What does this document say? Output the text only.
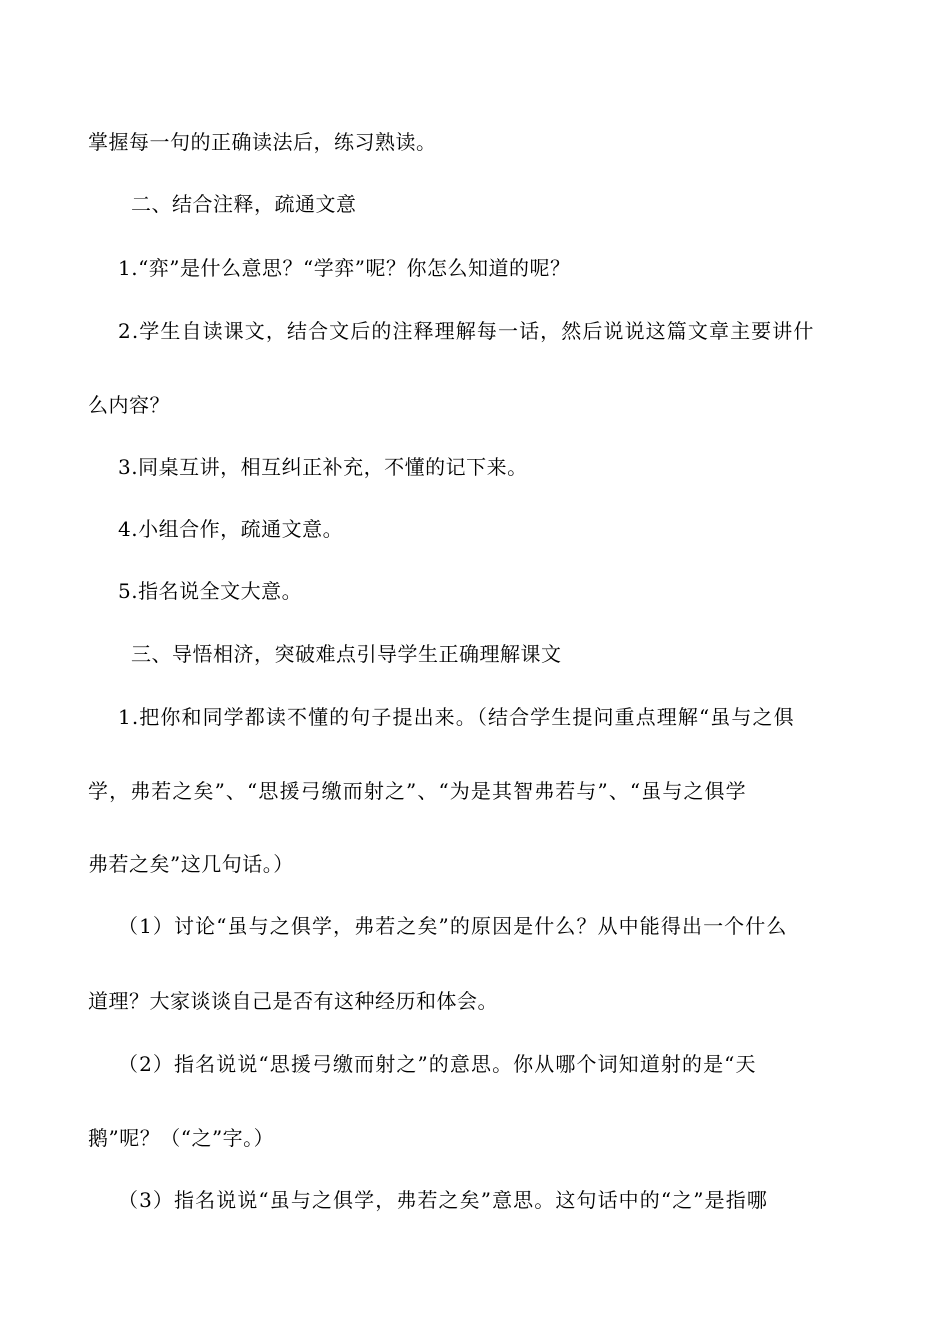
掌握每一句的正确读法后，练习熟读。
二、结合注释，疏通文意
1.“弈”是什么意思？“学弈”呢？你怎么知道的呢？
2.学生自读课文，结合文后的注释理解每一话，然后说说这篇文章主要讲什
么内容？
3.同桌互讲，相互纠正补充，不懂的记下来。
4.小组合作，疏通文意。
5.指名说全文大意。
三、导悟相济，突破难点引导学生正确理解课文
1.把你和同学都读不懂的句子提出来。（结合学生提问重点理解“虽与之俱
学，弗若之矣”、“思援弓缴而射之”、“为是其智弗若与”、“虽与之俱学
弗若之矣”这几句话。）
（1）讨论“虽与之俱学，弗若之矣”的原因是什么？从中能得出一个什么
道理？大家谈谈自己是否有这种经历和体会。
（2）指名说说“思援弓缴而射之”的意思。你从哪个词知道射的是“天
鹅”呢？（“之”字。）
（3）指名说说“虽与之俱学，弗若之矣”意思。这句话中的“之”是指哪
